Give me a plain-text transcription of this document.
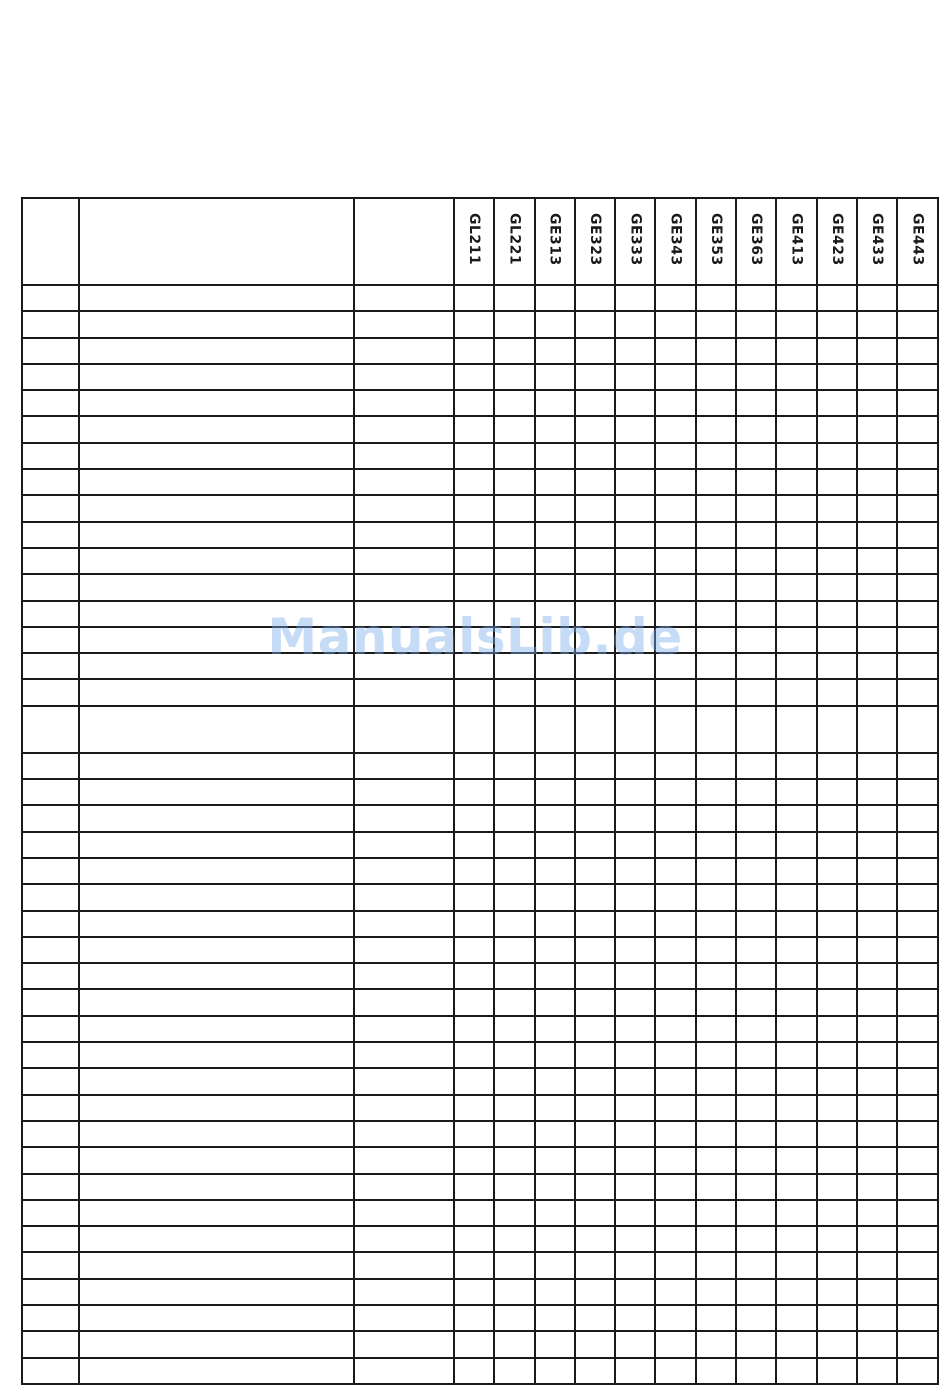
			GL211	GL221	GE313	GE323	GE333	GE343	GE353	GE363	GE413	GE423	GE433	GE443

ManualsLib.de
